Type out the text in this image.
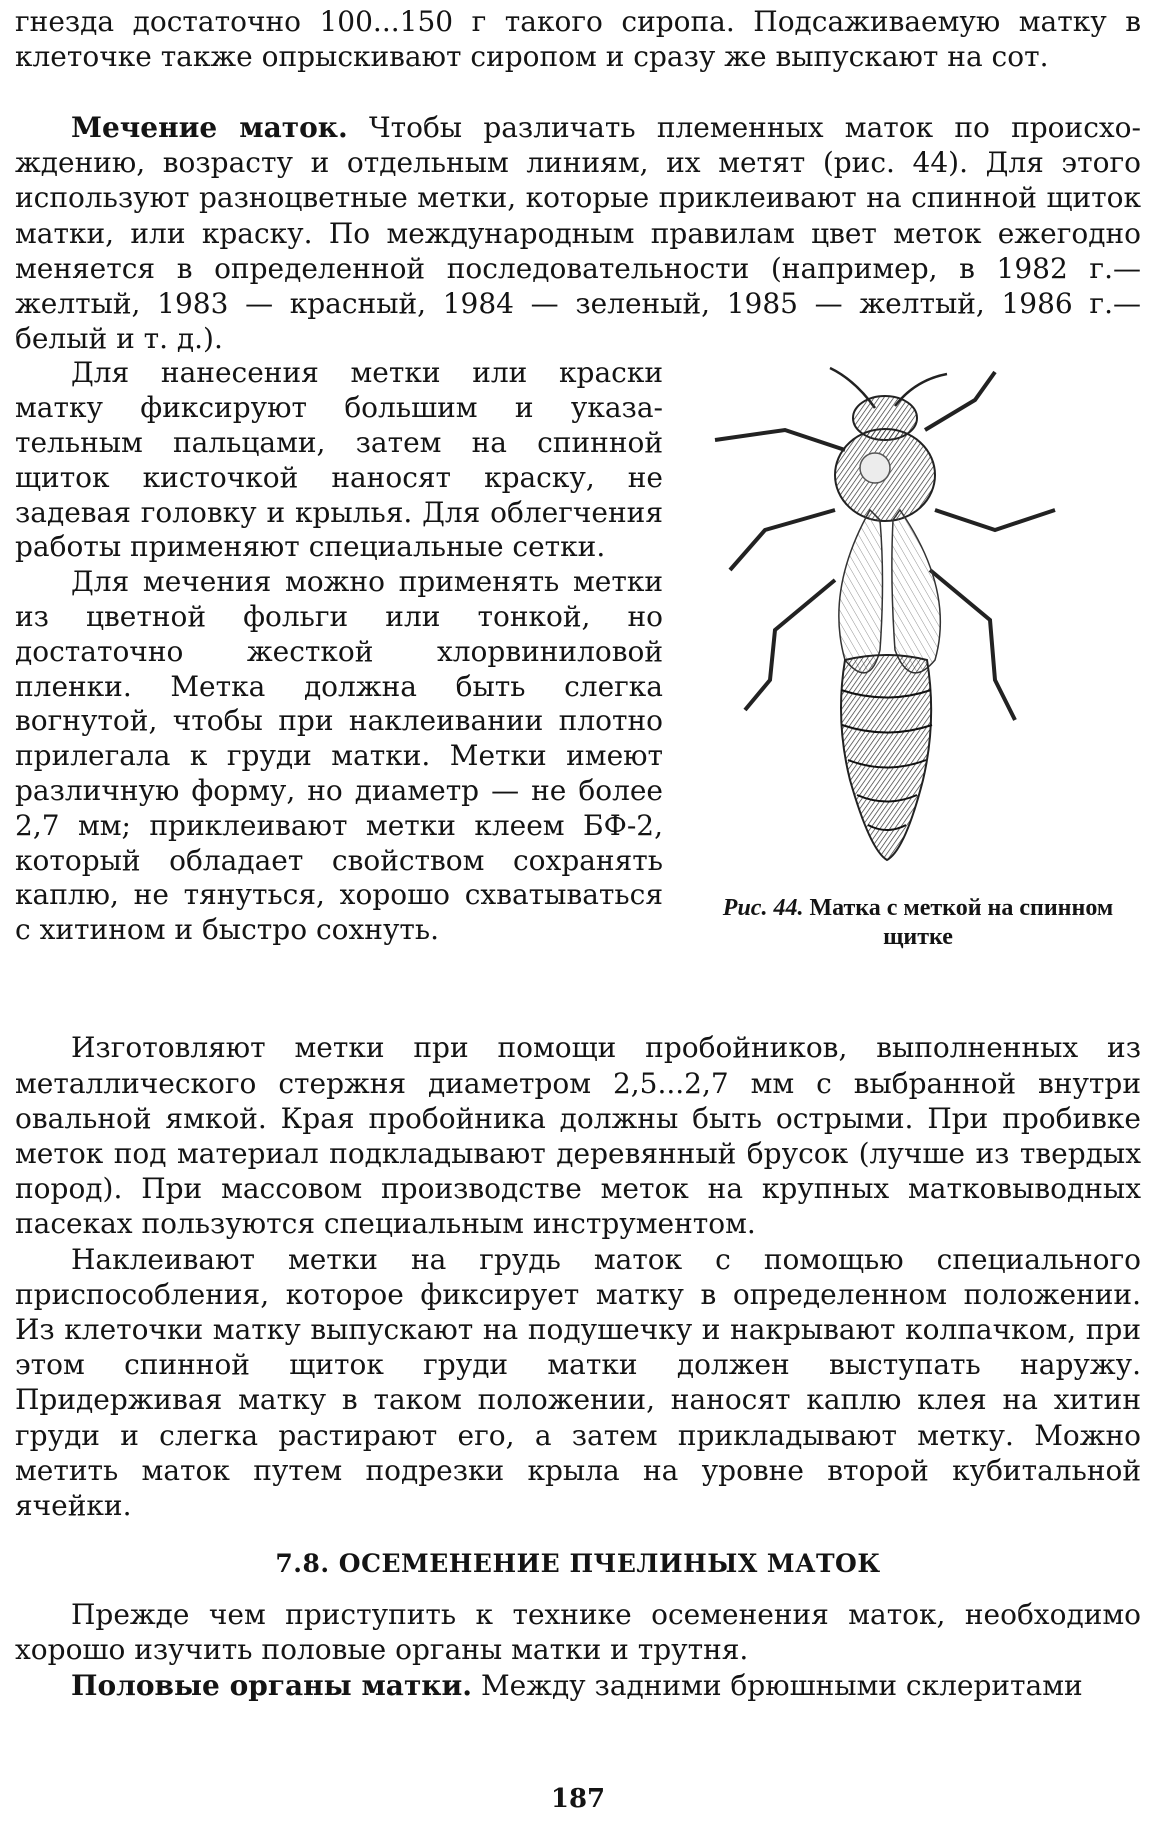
гнезда достаточно 100...150 г такого сиропа. Подсаживаемую матку в клеточке также опрыскивают сиропом и сразу же выпускают на сот.

Мечение маток. Чтобы различать племенных маток по происхождению, возрасту и отдельным линиям, их метят (рис. 44). Для этого используют разноцветные метки, которые приклеивают на спинной щиток матки, или краску. По международным правилам цвет меток ежегодно меняется в определенной последовательности (например, в 1982 г.— желтый, 1983 — красный, 1984 — зеленый, 1985 — желтый, 1986 г.— белый и т. д.).

Для нанесения метки или краски матку фиксируют большим и указательным пальцами, затем на спинной щиток кисточкой наносят краску, не задевая головку и крылья. Для облегчения работы применяют специальные сетки.

Для мечения можно применять метки из цветной фольги или тонкой, но достаточно жесткой хлорвиниловой пленки. Метка должна быть слегка вогнутой, чтобы при наклеивании плотно прилегала к груди матки. Метки имеют различную форму, но диаметр — не более 2,7 мм; приклеивают метки клеем БФ-2, который обладает свойством сохранять каплю, не тянуться, хорошо схватываться с хитином и быстро сохнуть.

Рис. 44. Матка с меткой на спинном щитке

Изготовляют метки при помощи пробойников, выполненных из металлического стержня диаметром 2,5...2,7 мм с выбранной внутри овальной ямкой. Края пробойника должны быть острыми. При пробивке меток под материал подкладывают деревянный брусок (лучше из твердых пород). При массовом производстве меток на крупных матковыводных пасеках пользуются специальным инструментом.

Наклеивают метки на грудь маток с помощью специального приспособления, которое фиксирует матку в определенном положении. Из клеточки матку выпускают на подушечку и накрывают колпачком, при этом спинной щиток груди матки должен выступать наружу. Придерживая матку в таком положении, наносят каплю клея на хитин груди и слегка растирают его, а затем прикладывают метку. Можно метить маток путем подрезки крыла на уровне второй кубитальной ячейки.

7.8. ОСЕМЕНЕНИЕ ПЧЕЛИНЫХ МАТОК

Прежде чем приступить к технике осеменения маток, необходимо хорошо изучить половые органы матки и трутня.

Половые органы матки. Между задними брюшными склеритами

187
